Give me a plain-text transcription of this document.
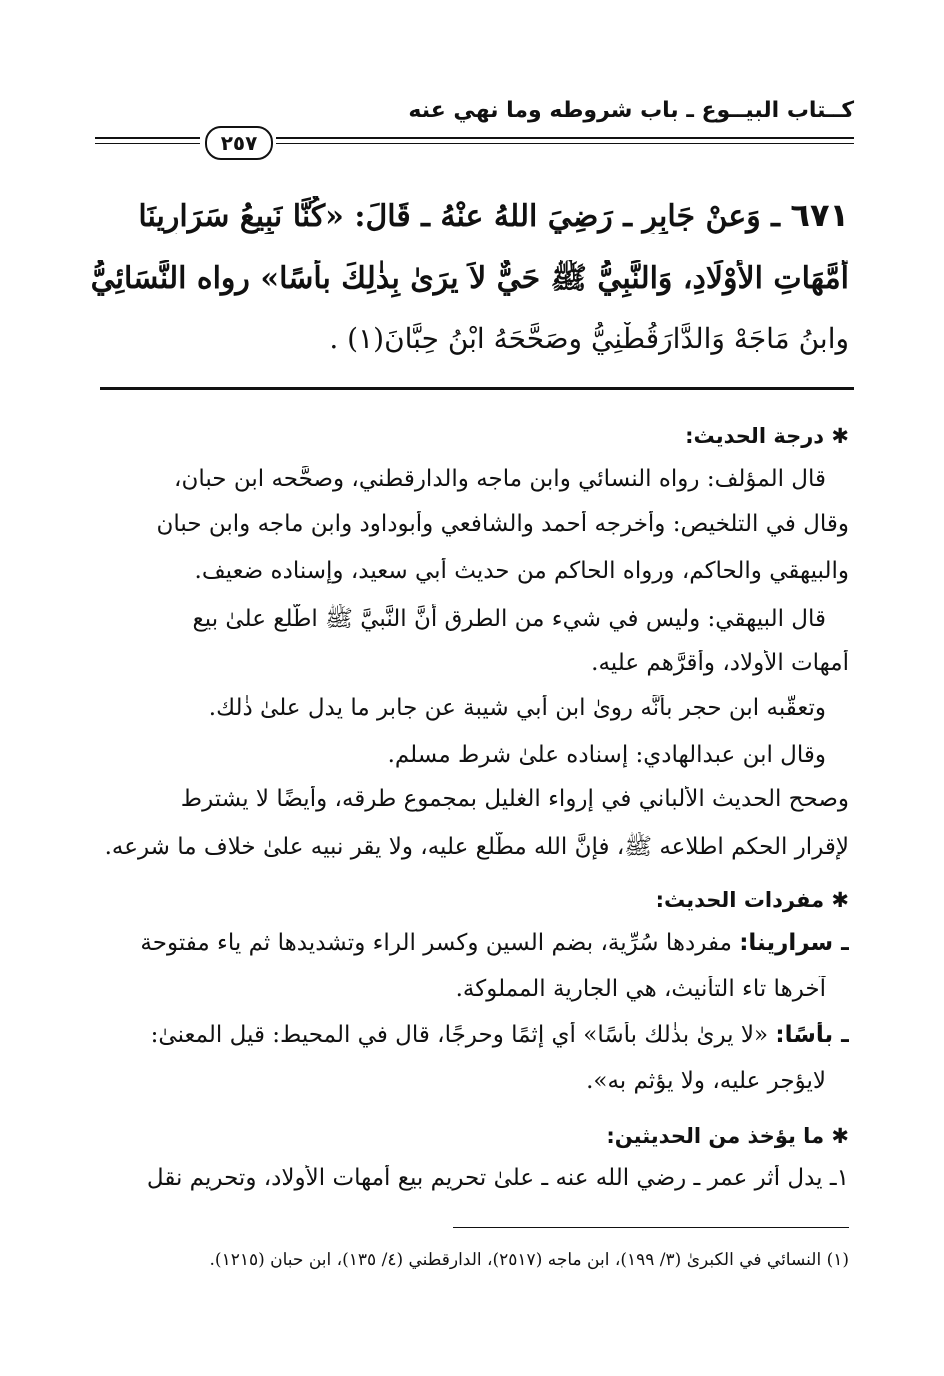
كــتاب البيــوع ـ باب شروطه وما نهي عنه
٢٥٧
٦٧١ ـ وَعنْ جَابِرٍ ـ رَضِيَ اللهُ عنْهُ ـ قَالَ: «كُنَّا نَبِيعُ سَرَارِينَا
أُمَّهَاتِ الأَوْلَادِ، وَالنَّبِيُّ ﷺ حَيٌّ لاَ يرَىٰ بِذٰلِكَ بأْسًا» رواه النَّسَائِيُّ
وابنُ مَاجَهْ وَالدَّارَقُطْنِيُّ وصَحَّحَهُ ابْنُ حِبَّانَ(١) .
✱ درجة الحديث:
قال المؤلف: رواه النسائي وابن ماجه والدارقطني، وصحَّحه ابن حبان،
وقال في التلخيص: وأخرجه أحمد والشافعي وأبوداود وابن ماجه وابن حبان
والبيهقي والحاكم، ورواه الحاكم من حديث أبي سعيد، وإسناده ضعيف.
قال البيهقي: وليس في شيء من الطرق أنَّ النَّبيَّ ﷺ اطَّلع علىٰ بيع
أمهات الأولاد، وأقرَّهم عليه.
وتعقَّبه ابن حجر بأنَّه روىٰ ابن أبي شيبة عن جابر ما يدل علىٰ ذٰلك.
وقال ابن عبدالهادي: إسناده علىٰ شرط مسلم.
وصحح الحديث الألباني في إرواء الغليل بمجموع طرقه، وأيضًا لا يشترط
لإقرار الحكم اطلاعه ﷺ، فإنَّ الله مطَّلع عليه، ولا يقر نبيه علىٰ خلاف ما شرعه.
✱ مفردات الحديث:
ـ سرارينا: مفردها سُرِّية، بضم السين وكسر الراء وتشديدها ثم ياء مفتوحة
آخرها تاء التأنيث، هي الجارية المملوكة.
ـ بأسًا: «لا يرىٰ بذٰلك بأسًا» أي إثمًا وحرجًا، قال في المحيط: قيل المعنىٰ:
لايؤجر عليه، ولا يؤثم به».
✱ ما يؤخذ من الحديثين:
١ـ يدل أثر عمر ـ رضي الله عنه ـ علىٰ تحريم بيع أمهات الأولاد، وتحريم نقل
(١) النسائي في الكبرىٰ (٣/ ١٩٩)، ابن ماجه (٢٥١٧)، الدارقطني (٤/ ١٣٥)، ابن حبان (١٢١٥).
